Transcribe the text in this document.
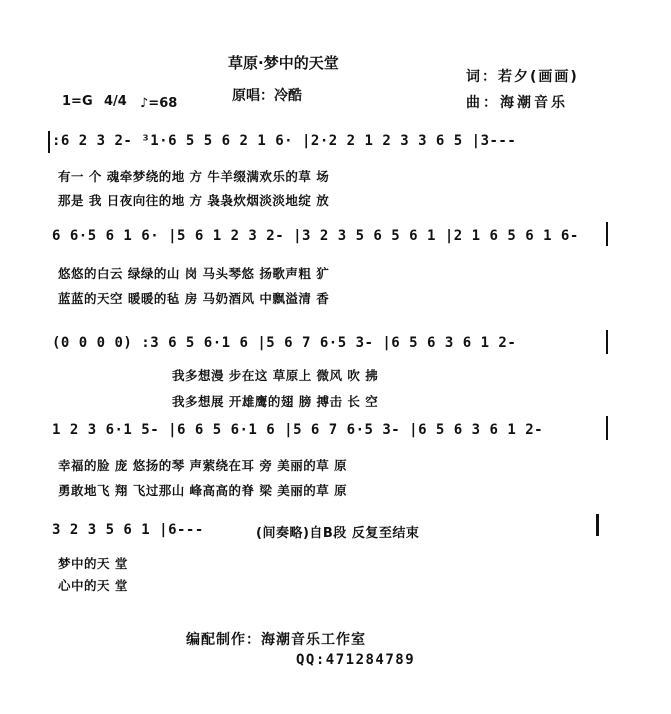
草原·梦中的天堂
原唱：冷酷
词：若夕(画画)
曲：海潮音乐
1=G 4/4 ♪=68
:6 2 3 2- ³1·6 5 5 6 2 1 6· |2·2 2 1 2 3 3 6 5 |3---
有一 个 魂牵梦绕的地 方 牛羊缀满欢乐的草 场
那是 我 日夜向往的地 方 袅袅炊烟淡淡地绽 放
6 6·5 6 1 6· |5 6 1 2 3 2- |3 2 3 5 6 5 6 1 |2 1 6 5 6 1 6-
悠悠的白云 绿绿的山 岗 马头琴悠 扬歌声粗 犷
蓝蓝的天空 暖暖的毡 房 马奶酒风 中飘溢清 香
(0 0 0 0) :3 6 5 6·1 6 |5 6 7 6·5 3- |6 5 6 3 6 1 2-
我多想漫 步在这 草原上 微风 吹 拂
我多想展 开雄鹰的翅 膀 搏击 长 空
1 2 3 6·1 5- |6 6 5 6·1 6 |5 6 7 6·5 3- |6 5 6 3 6 1 2-
幸福的脸 庞 悠扬的琴 声萦绕在耳 旁 美丽的草 原
勇敢地飞 翔 飞过那山 峰高高的脊 梁 美丽的草 原
3 2 3 5 6 1 |6---	(间奏略)自B段 反复至结束
梦中的天 堂
心中的天 堂
编配制作：海潮音乐工作室
QQ:471284789
